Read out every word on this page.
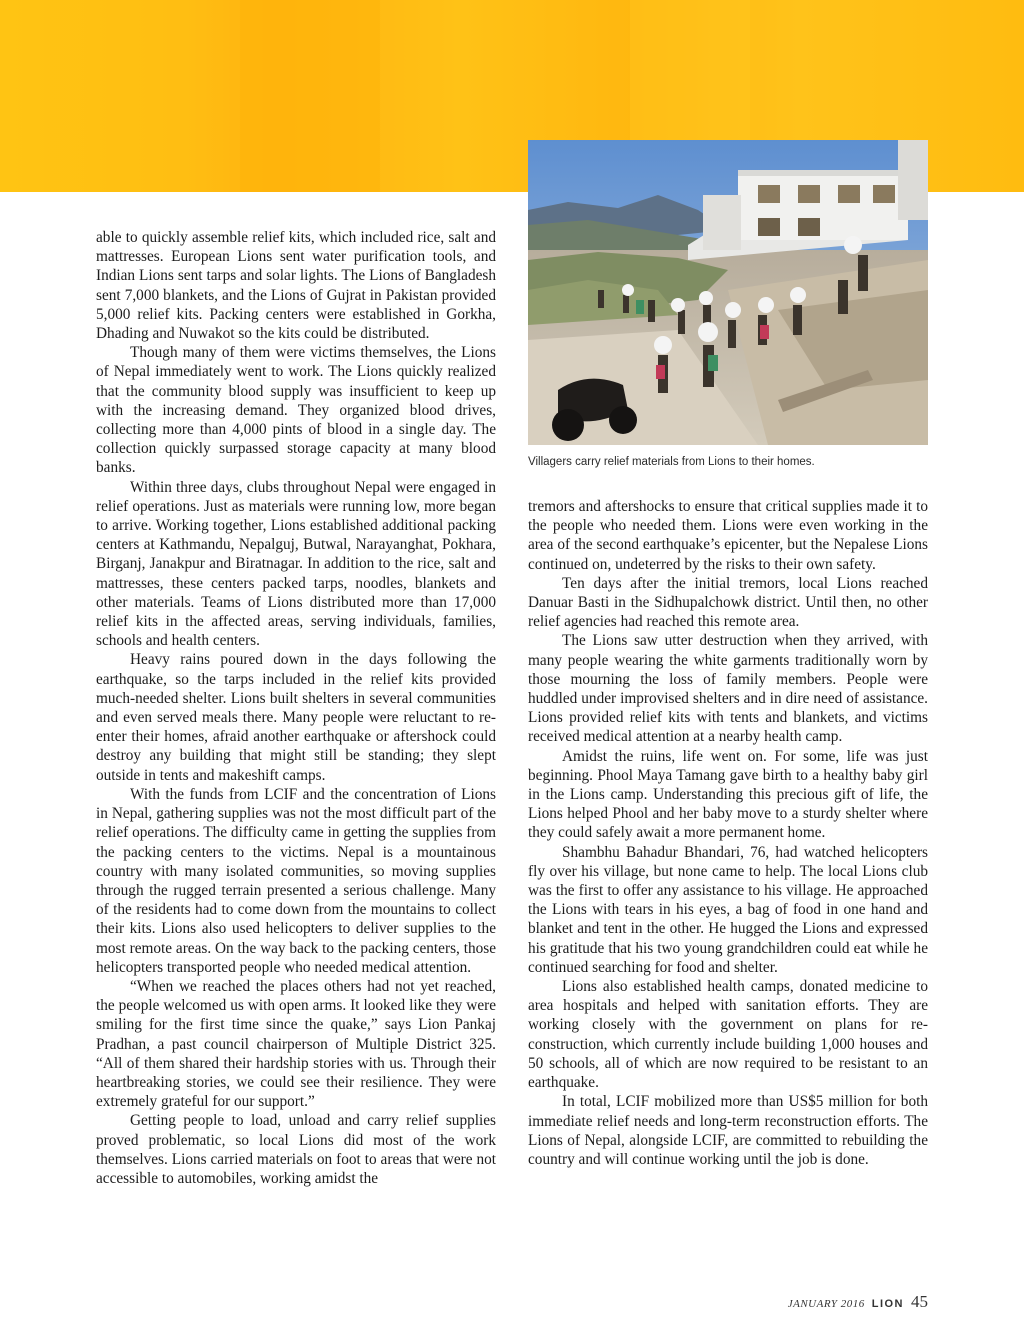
Villagers carry relief materials from Lions to their homes.

able to quickly assemble relief kits, which included rice, salt and mattresses. European Lions sent water purification tools, and Indian Lions sent tarps and solar lights. The Lions of Bangladesh sent 7,000 blankets, and the Lions of Gujrat in Pakistan provided 5,000 relief kits. Packing centers were established in Gorkha, Dhading and Nuwakot so the kits could be distributed.

Though many of them were victims themselves, the Lions of Nepal immediately went to work. The Lions quickly realized that the community blood supply was insufficient to keep up with the increasing demand. They organized blood drives, collecting more than 4,000 pints of blood in a single day. The collection quickly surpassed storage capacity at many blood banks.

Within three days, clubs throughout Nepal were engaged in relief operations. Just as materials were running low, more began to arrive. Working together, Lions established additional packing centers at Kathmandu, Nepalguj, Butwal, Narayanghat, Pokhara, Birganj, Janakpur and Biratnagar. In addition to the rice, salt and mattresses, these centers packed tarps, noodles, blankets and other materials. Teams of Lions distributed more than 17,000 relief kits in the affected areas, serving individuals, families, schools and health centers.

Heavy rains poured down in the days following the earthquake, so the tarps included in the relief kits provided much-needed shelter. Lions built shelters in several communities and even served meals there. Many people were reluctant to re-enter their homes, afraid another earthquake or aftershock could destroy any building that might still be standing; they slept outside in tents and makeshift camps.

With the funds from LCIF and the concentration of Lions in Nepal, gathering supplies was not the most difficult part of the relief operations. The difficulty came in getting the supplies from the packing centers to the victims. Nepal is a mountainous country with many isolated communities, so moving supplies through the rugged terrain presented a serious challenge. Many of the residents had to come down from the mountains to collect their kits. Lions also used helicopters to deliver supplies to the most remote areas. On the way back to the packing centers, those helicopters transported people who needed medical attention.

“When we reached the places others had not yet reached, the people welcomed us with open arms. It looked like they were smiling for the first time since the quake,” says Lion Pankaj Pradhan, a past council chairperson of Multiple District 325. “All of them shared their hardship stories with us. Through their heartbreaking stories, we could see their resilience. They were extremely grateful for our support.”

Getting people to load, unload and carry relief supplies proved problematic, so local Lions did most of the work themselves. Lions carried materials on foot to areas that were not accessible to automobiles, working amidst the

tremors and aftershocks to ensure that critical supplies made it to the people who needed them. Lions were even working in the area of the second earthquake’s epicenter, but the Nepalese Lions continued on, undeterred by the risks to their own safety.

Ten days after the initial tremors, local Lions reached Danuar Basti in the Sidhupalchowk district. Until then, no other relief agencies had reached this remote area.

The Lions saw utter destruction when they arrived, with many people wearing the white garments traditionally worn by those mourning the loss of family members. People were huddled under improvised shelters and in dire need of assistance. Lions provided relief kits with tents and blankets, and victims received medical attention at a nearby health camp.

Amidst the ruins, life went on. For some, life was just beginning. Phool Maya Tamang gave birth to a healthy baby girl in the Lions camp. Understanding this precious gift of life, the Lions helped Phool and her baby move to a sturdy shelter where they could safely await a more permanent home.

Shambhu Bahadur Bhandari, 76, had watched helicopters fly over his village, but none came to help. The local Lions club was the first to offer any assistance to his village. He approached the Lions with tears in his eyes, a bag of food in one hand and blanket and tent in the other. He hugged the Lions and expressed his gratitude that his two young grandchildren could eat while he continued searching for food and shelter.

Lions also established health camps, donated medicine to area hospitals and helped with sanitation efforts. They are working closely with the government on plans for reconstruction, which currently include building 1,000 houses and 50 schools, all of which are now required to be resistant to an earthquake.

In total, LCIF mobilized more than US$5 million for both immediate relief needs and long-term reconstruction efforts. The Lions of Nepal, alongside LCIF, are committed to rebuilding the country and will continue working until the job is done.

JANUARY 2016 LION 45
